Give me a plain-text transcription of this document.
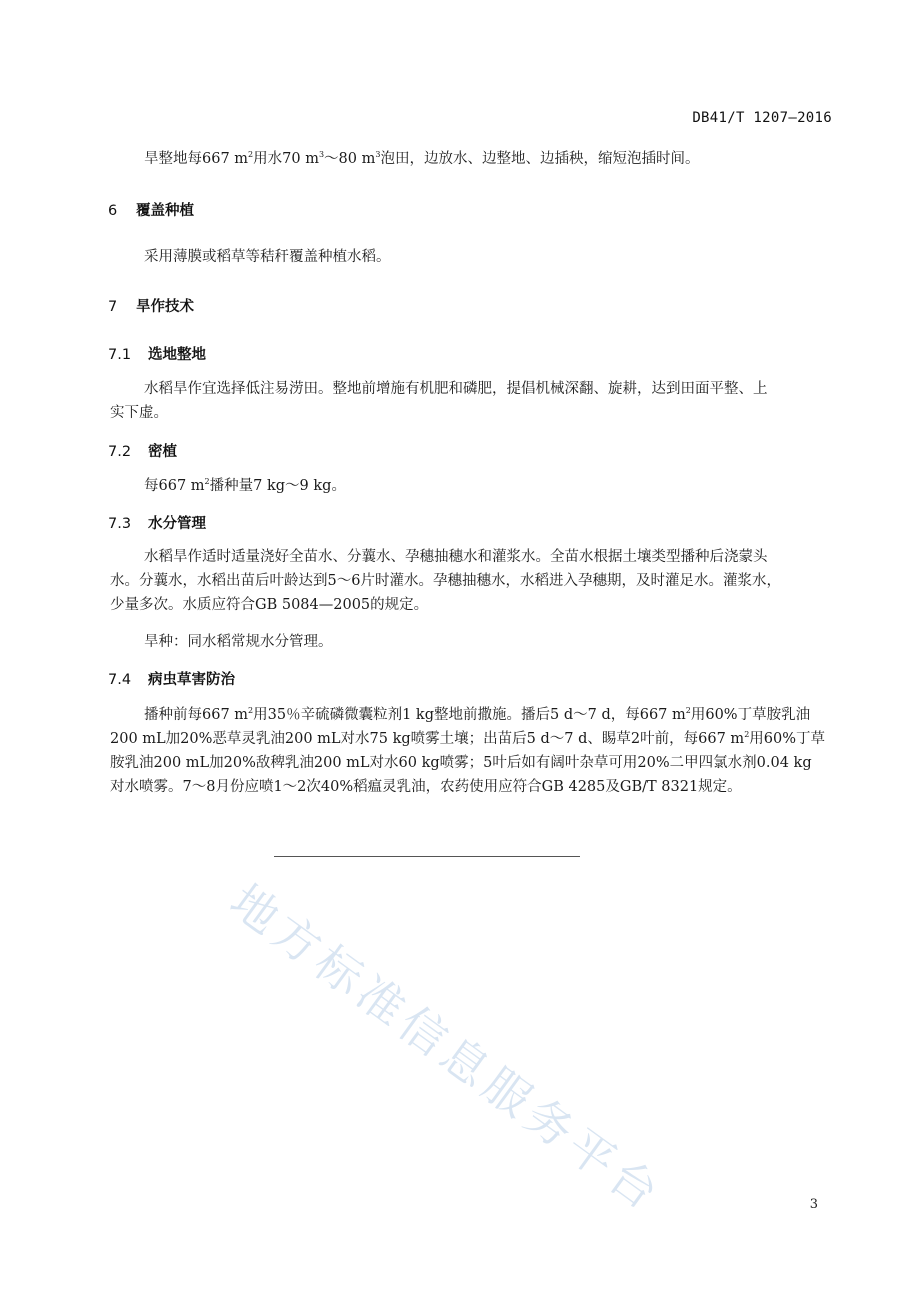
DB41/T 1207—2016
旱整地每667 $m^2$用水70 $m^3\sim 80$ $m^3$泡田，边放水、边整地、边插秧，缩短泡插时间。
6 覆盖种植
采用薄膜或稻草等秸秆覆盖种植水稻。
7 旱作技术
7.1 选地整地
水稻旱作宜选择低注易涝田。整地前增施有机肥和磷肥，提倡机械深翻、旋耕，达到田面平整、上
实下虚。
7.2 密植
每667 $m^2$播种量7 kg～9 kg。
7.3 水分管理
水稻旱作适时适量浇好全苗水、分蘘水、孕穗抽穗水和灌浆水。全苗水根据土壤类型播种后浇蒙头
水。分蘘水，水稻出苗后叶龄达到5～6片时灌水。孕穗抽穗水，水稻进入孕穗期，及时灌足水。灌浆水，
少量多次。水质应符合GB 5084—2005的规定。
旱种：同水稻常规水分管理。
7.4 病虫草害防治
播种前每667 $m^2$用35％辛硫磷微囊粒剂1 kg整地前撒施。播后5 d～7 d，每667 $m^2$用60%丁草胺乳油
200 mL加20%恶草灵乳油200 mL对水75 kg喷雾土壤；出苗后5 d～7 d、睗草2叶前，每667 $m^2$用60%丁草
胺乳油200 mL加20%敌稗乳油200 mL对水60 kg喷雾；5叶后如有阔叶杂草可用20%二甲四氯水剂0.04 kg
对水喷雾。7～8月份应喷1～2次40%稻瘟灵乳油，农药使用应符合GB 4285及GB/T 8321规定。
地方标准信息服务平台	3
